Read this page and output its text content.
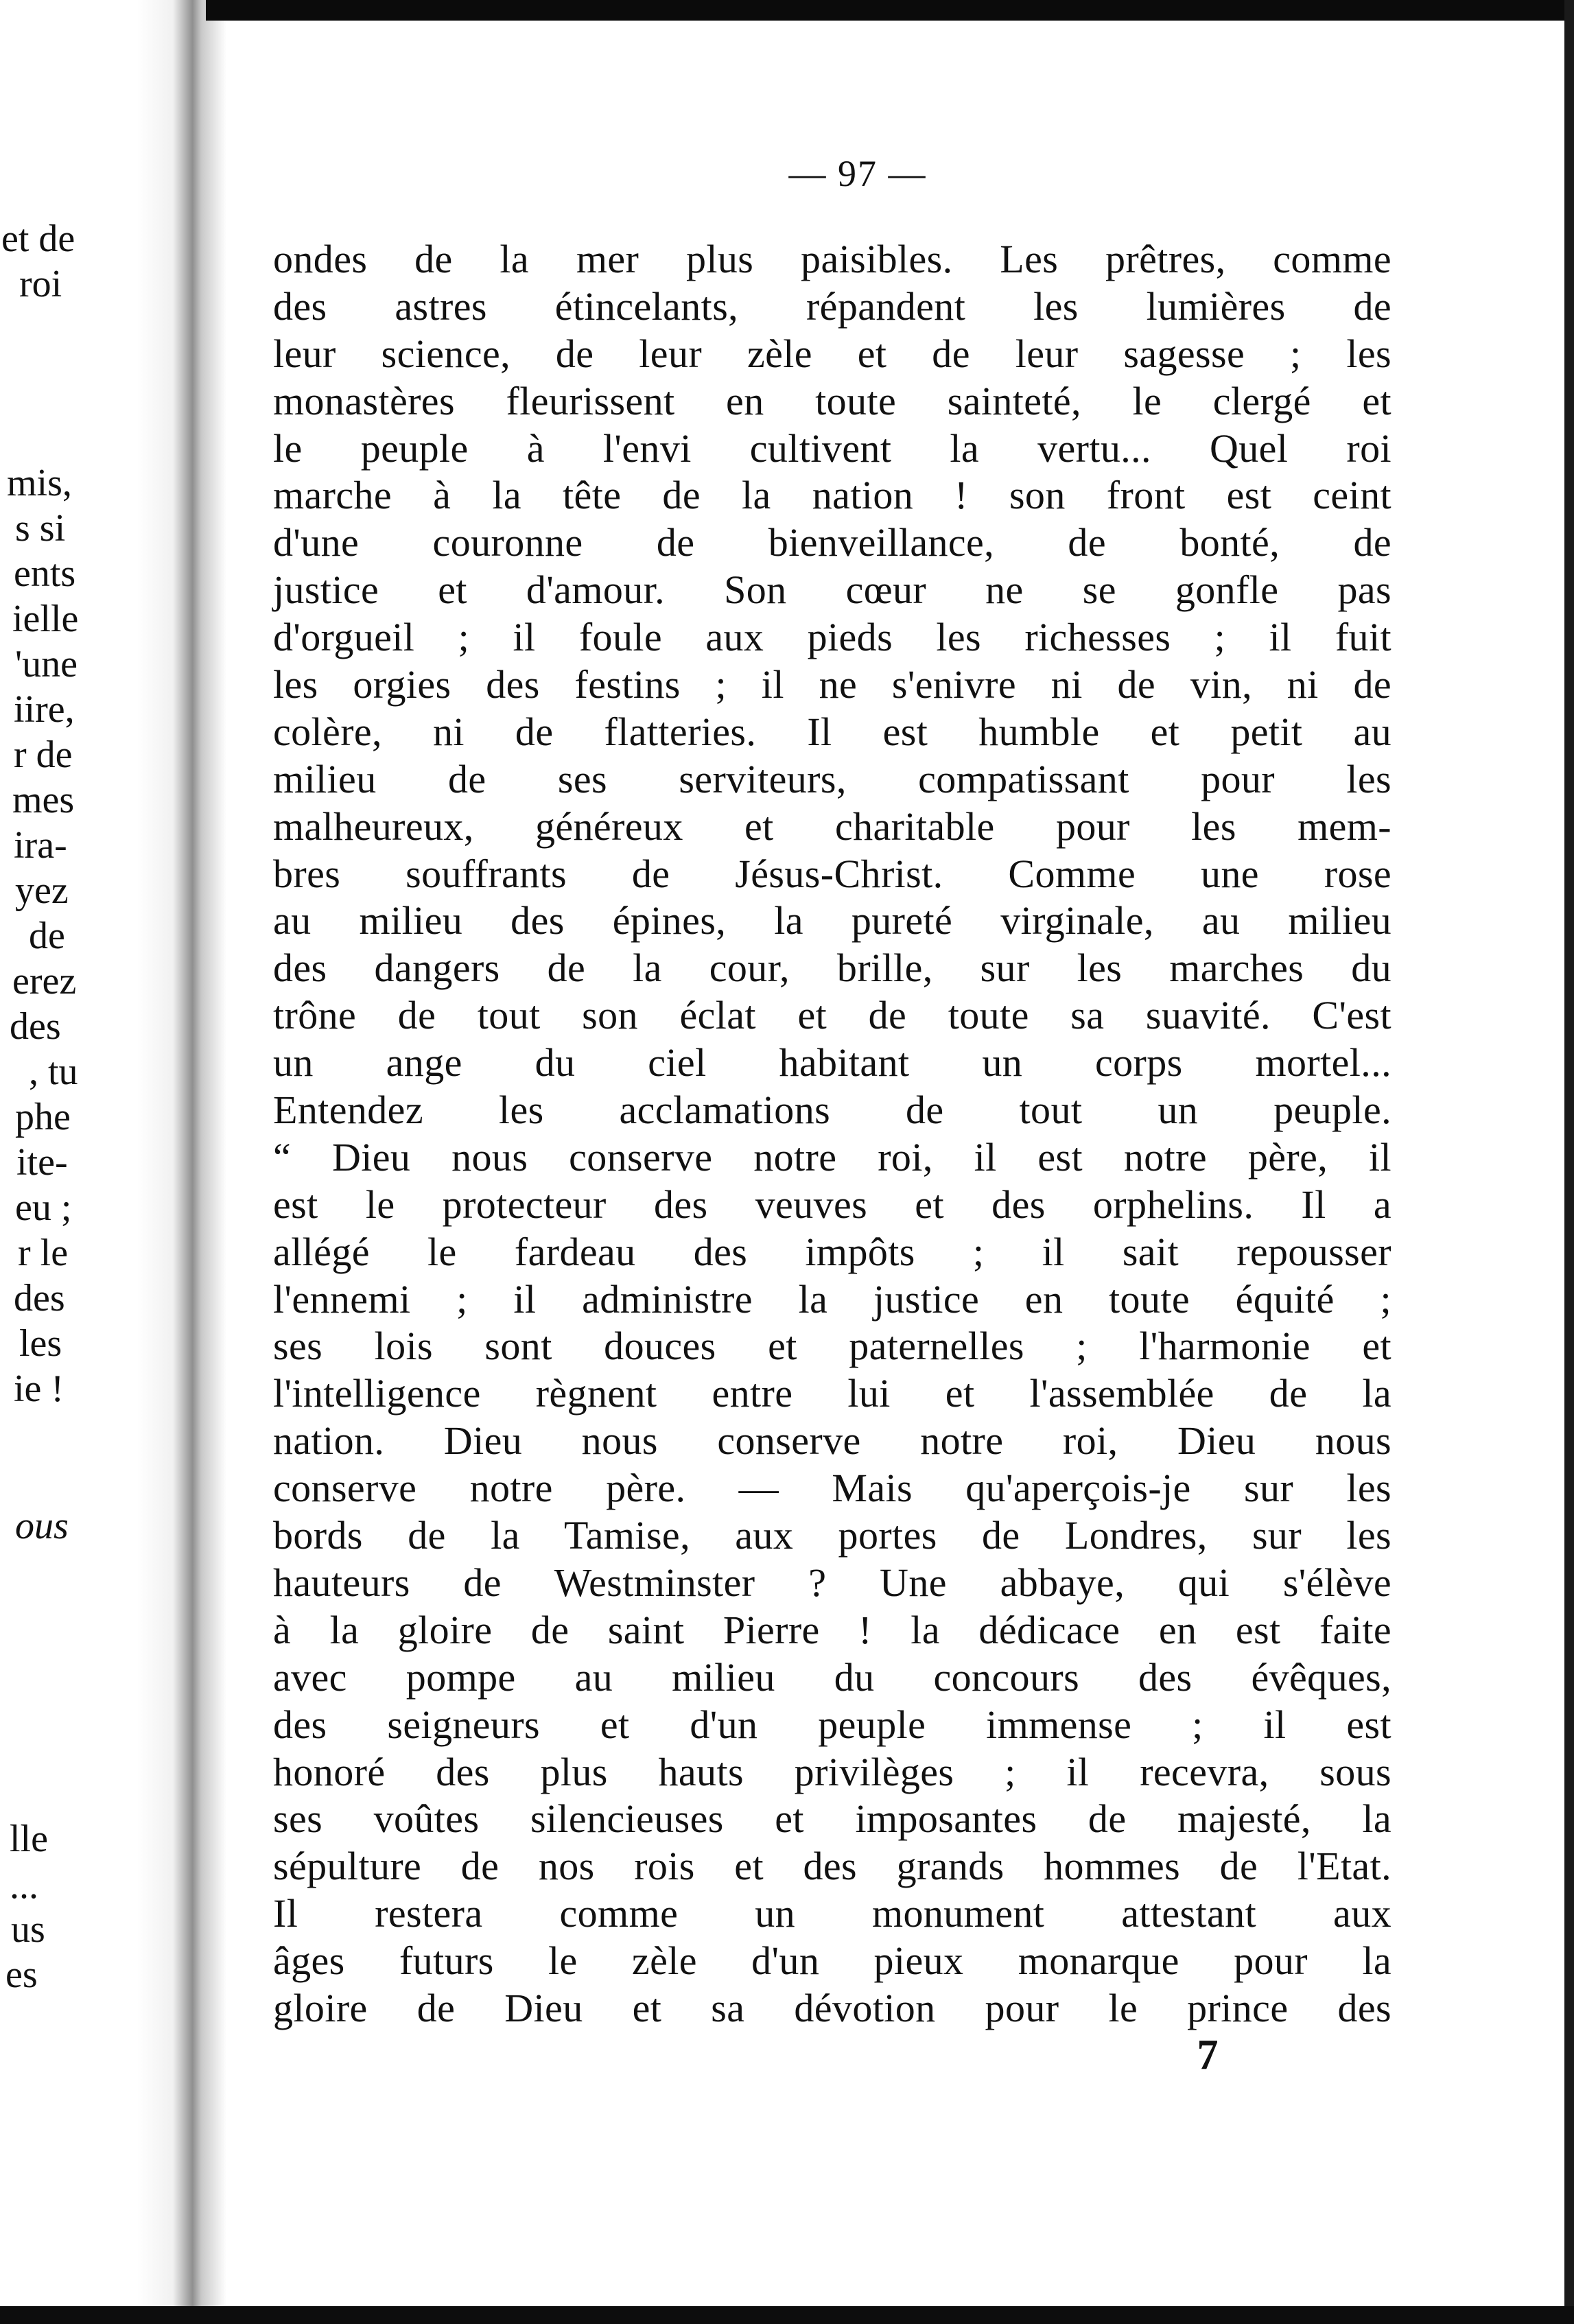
et de
roi
mis,
s si
ents
ielle
'une
iire,
r de
mes
ira-
yez
de
erez
des
, tu
phe
ite-
eu ;
r le
des
les
ie !
ous
lle
...
us
es
— 97 —
ondes de la mer plus paisibles. Les prêtres, comme
des astres étincelants, répandent les lumières de
leur science, de leur zèle et de leur sagesse ; les
monastères fleurissent en toute sainteté, le clergé et
le peuple à l'envi cultivent la vertu... Quel roi
marche à la tête de la nation ! son front est ceint
d'une couronne de bienveillance, de bonté, de
justice et d'amour. Son cœur ne se gonfle pas
d'orgueil ; il foule aux pieds les richesses ; il fuit
les orgies des festins ; il ne s'enivre ni de vin, ni de
colère, ni de flatteries. Il est humble et petit au
milieu de ses serviteurs, compatissant pour les
malheureux, généreux et charitable pour les mem-
bres souffrants de Jésus-Christ. Comme une rose
au milieu des épines, la pureté virginale, au milieu
des dangers de la cour, brille, sur les marches du
trône de tout son éclat et de toute sa suavité. C'est
un ange du ciel habitant un corps mortel...
Entendez les acclamations de tout un peuple.
“ Dieu nous conserve notre roi, il est notre père, il
est le protecteur des veuves et des orphelins. Il a
allégé le fardeau des impôts ; il sait repousser
l'ennemi ; il administre la justice en toute équité ;
ses lois sont douces et paternelles ; l'harmonie et
l'intelligence règnent entre lui et l'assemblée de la
nation. Dieu nous conserve notre roi, Dieu nous
conserve notre père. — Mais qu'aperçois-je sur les
bords de la Tamise, aux portes de Londres, sur les
hauteurs de Westminster ? Une abbaye, qui s'élève
à la gloire de saint Pierre ! la dédicace en est faite
avec pompe au milieu du concours des évêques,
des seigneurs et d'un peuple immense ; il est
honoré des plus hauts privilèges ; il recevra, sous
ses voûtes silencieuses et imposantes de majesté, la
sépulture de nos rois et des grands hommes de l'Etat.
Il restera comme un monument attestant aux
âges futurs le zèle d'un pieux monarque pour la
gloire de Dieu et sa dévotion pour le prince des
7
